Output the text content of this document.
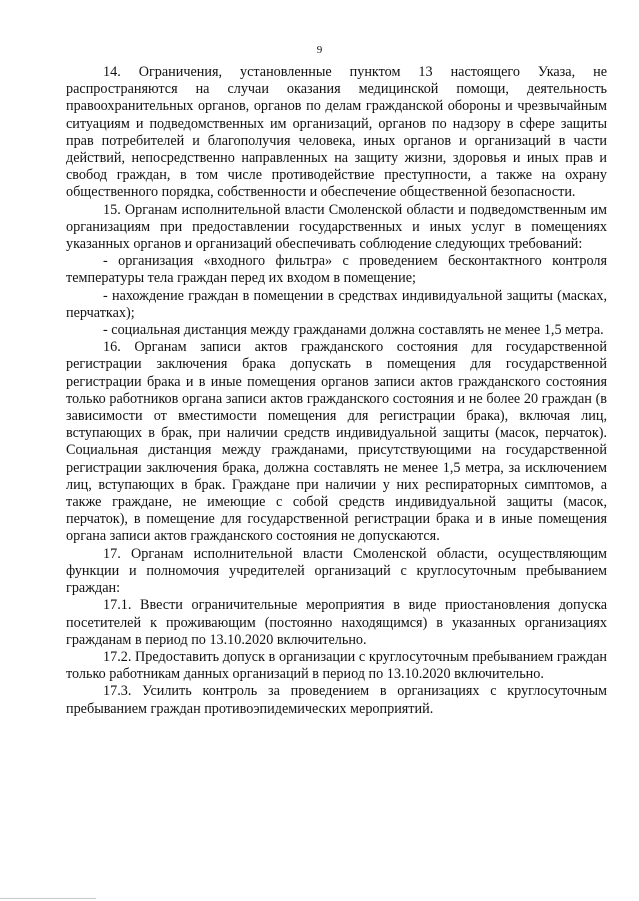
9

14. Ограничения, установленные пунктом 13 настоящего Указа, не распространяются на случаи оказания медицинской помощи, деятельность правоохранительных органов, органов по делам гражданской обороны и чрезвычайным ситуациям и подведомственных им организаций, органов по надзору в сфере защиты прав потребителей и благополучия человека, иных органов и организаций в части действий, непосредственно направленных на защиту жизни, здоровья и иных прав и свобод граждан, в том числе противодействие преступности, а также на охрану общественного порядка, собственности и обеспечение общественной безопасности.

15. Органам исполнительной власти Смоленской области и подведомственным им организациям при предоставлении государственных и иных услуг в помещениях указанных органов и организаций обеспечивать соблюдение следующих требований:

- организация «входного фильтра» с проведением бесконтактного контроля температуры тела граждан перед их входом в помещение;

- нахождение граждан в помещении в средствах индивидуальной защиты (масках, перчатках);

- социальная дистанция между гражданами должна составлять не менее 1,5 метра.

16. Органам записи актов гражданского состояния для государственной регистрации заключения брака допускать в помещения для государственной регистрации брака и в иные помещения органов записи актов гражданского состояния только работников органа записи актов гражданского состояния и не более 20 граждан (в зависимости от вместимости помещения для регистрации брака), включая лиц, вступающих в брак, при наличии средств индивидуальной защиты (масок, перчаток). Социальная дистанция между гражданами, присутствующими на государственной регистрации заключения брака, должна составлять не менее 1,5 метра, за исключением лиц, вступающих в брак. Граждане при наличии у них респираторных симптомов, а также граждане, не имеющие с собой средств индивидуальной защиты (масок, перчаток), в помещение для государственной регистрации брака и в иные помещения органа записи актов гражданского состояния не допускаются.

17. Органам исполнительной власти Смоленской области, осуществляющим функции и полномочия учредителей организаций с круглосуточным пребыванием граждан:

17.1. Ввести ограничительные мероприятия в виде приостановления допуска посетителей к проживающим (постоянно находящимся) в указанных организациях гражданам в период по 13.10.2020 включительно.

17.2. Предоставить допуск в организации с круглосуточным пребыванием граждан только работникам данных организаций в период по 13.10.2020 включительно.

17.3. Усилить контроль за проведением в организациях с круглосуточным пребыванием граждан противоэпидемических мероприятий.
